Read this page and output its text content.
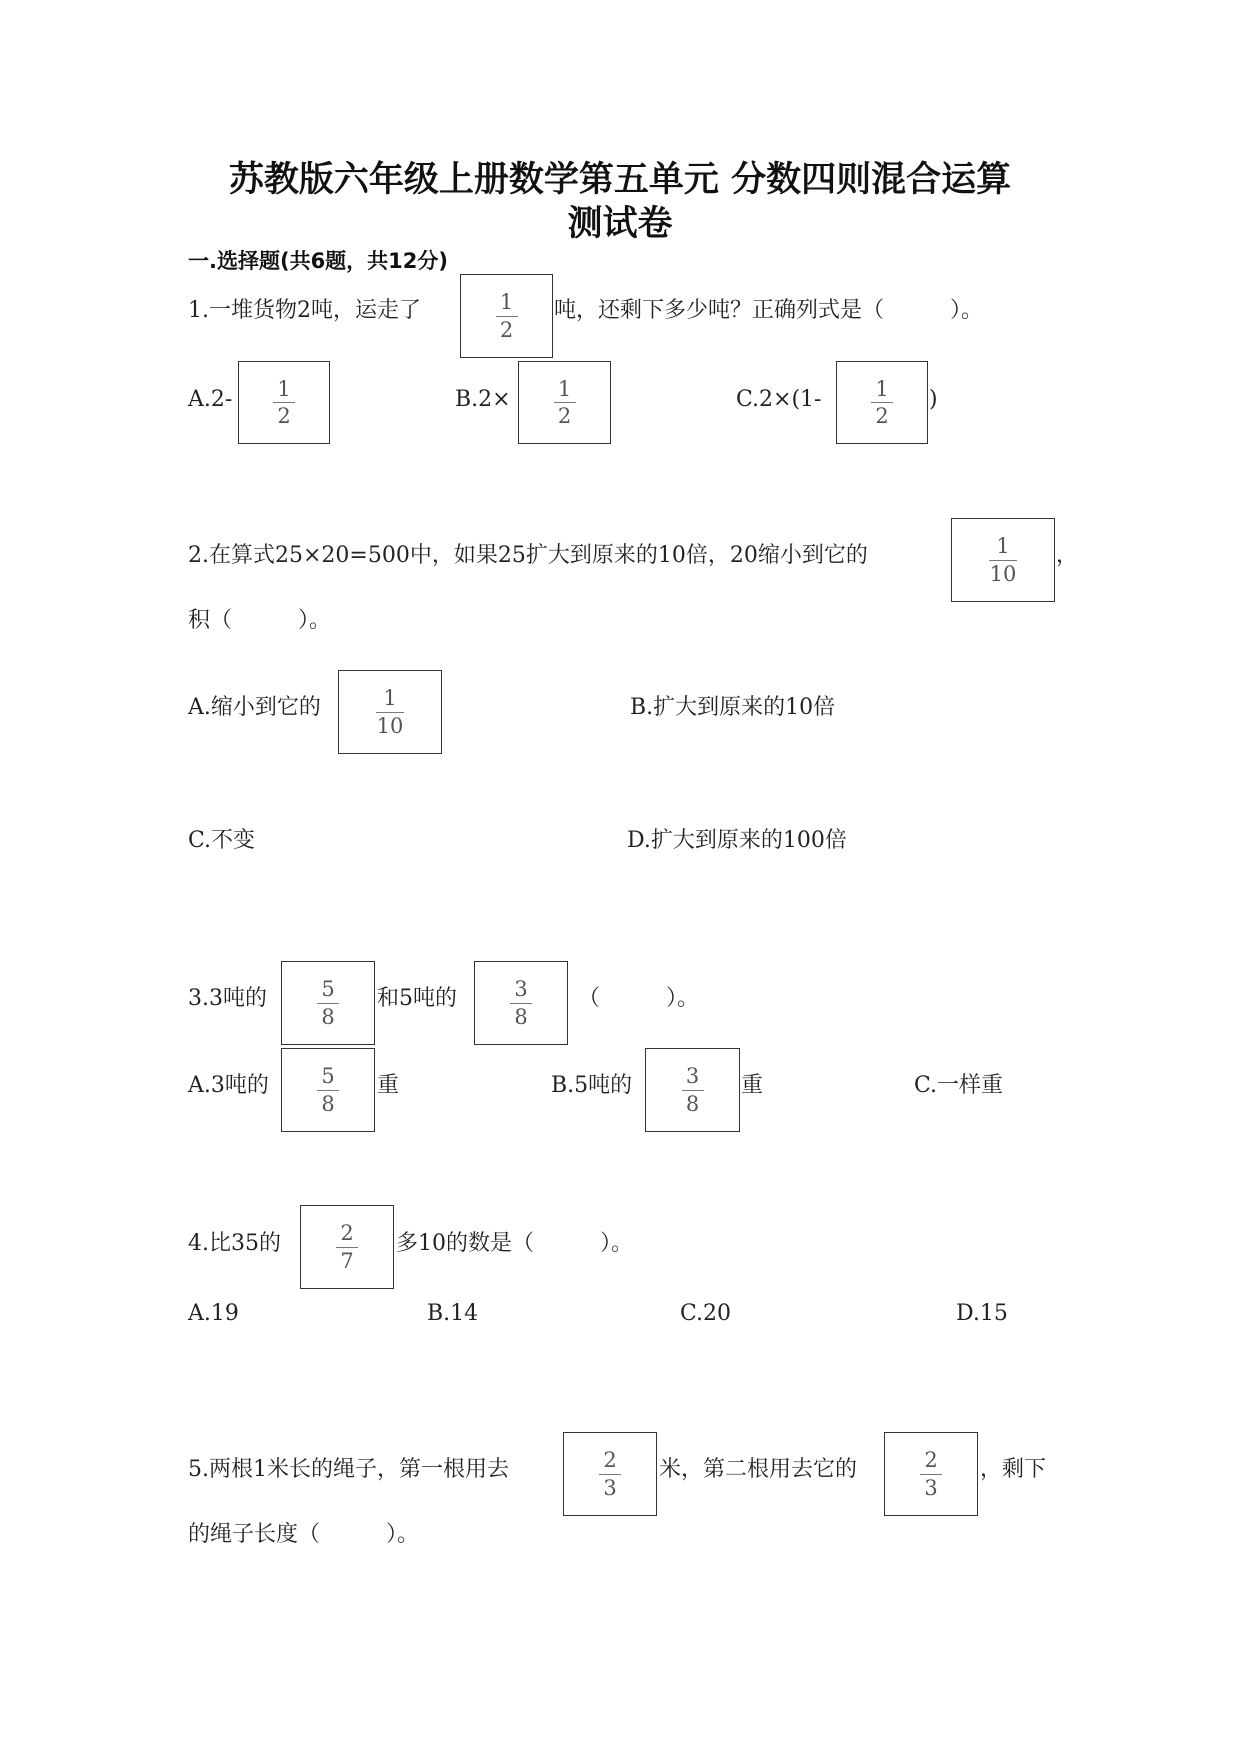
苏教版六年级上册数学第五单元 分数四则混合运算
测试卷
一.选择题(共6题，共12分)
1.一堆货物2吨，运走了	$\frac{1}{2}$ 吨，还剩下多少吨？正确列式是（　　　）。
$A.2- \frac{1}{2}$	$B.2\times \frac{1}{2}$	$C.2\times(1- \frac{1}{2}$ )
2.在算式25×20=500中，如果25扩大到原来的10倍，20缩小到它的	$\frac{1}{10}$ ，
积（　　　）。
A.缩小到它的	$\frac{1}{10}$	B.扩大到原来的10倍
C.不变	D.扩大到原来的100倍
3.3吨的 $\frac{5}{8}$ 和5吨的	$\frac{3}{8}$ （　　　）。
A.3吨的 $\frac{5}{8}$ 重	B.5吨的 $\frac{3}{8}$ 重	C.一样重
4.比35的	$\frac{2}{7}$ 多10的数是（　　　）。
A.19	B.14	C.20	D.15
5.两根1米长的绳子，第一根用去	$\frac{2}{3}$ 米，第二根用去它的	$\frac{2}{3}$ ，剩下
的绳子长度（　　　）。
